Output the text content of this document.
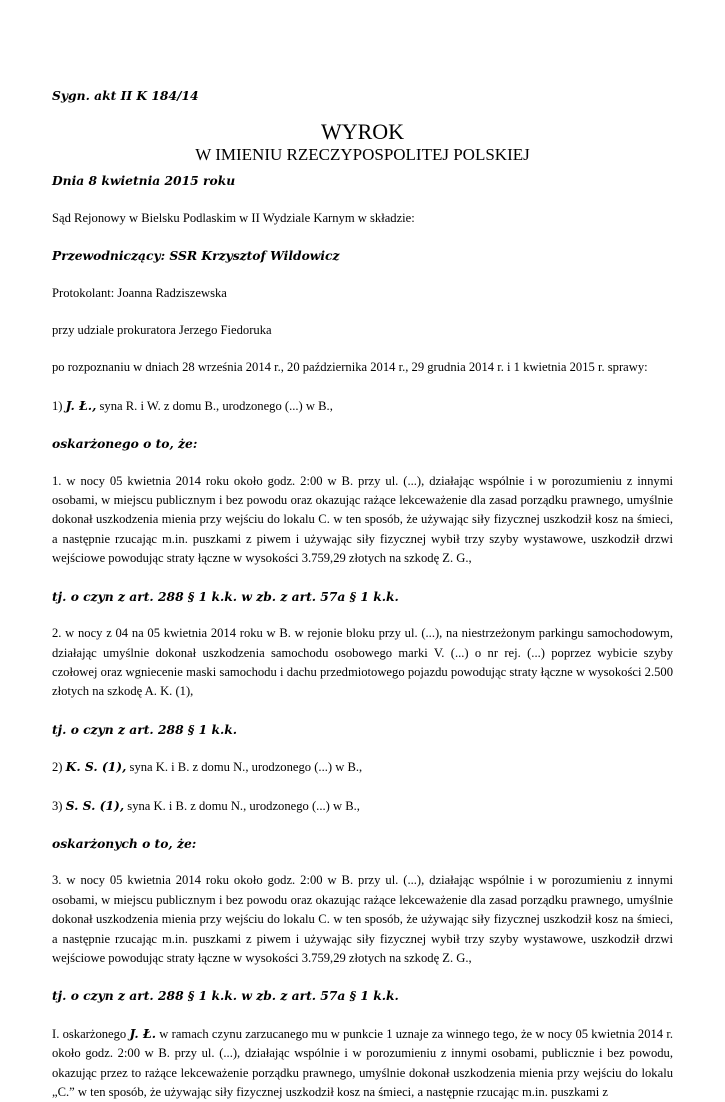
Sygn. akt II K 184/14

WYROK

W IMIENIU RZECZYPOSPOLITEJ POLSKIEJ

Dnia 8 kwietnia 2015 roku

Sąd Rejonowy w Bielsku Podlaskim w II Wydziale Karnym w składzie:

Przewodniczący: SSR Krzysztof Wildowicz

Protokolant: Joanna Radziszewska

przy udziale prokuratora Jerzego Fiedoruka

po rozpoznaniu w dniach 28 września 2014 r., 20 października 2014 r., 29 grudnia 2014 r. i 1 kwietnia 2015 r. sprawy:

1) J. Ł., syna R. i W. z domu B., urodzonego (...) w B.,

oskarżonego o to, że:

1. w nocy 05 kwietnia 2014 roku około godz. 2:00 w B. przy ul. (...), działając wspólnie i w porozumieniu z innymi osobami, w miejscu publicznym i bez powodu oraz okazując rażące lekceważenie dla zasad porządku prawnego, umyślnie dokonał uszkodzenia mienia przy wejściu do lokalu C. w ten sposób, że używając siły fizycznej uszkodził kosz na śmieci, a następnie rzucając m.in. puszkami z piwem i używając siły fizycznej wybił trzy szyby wystawowe, uszkodził drzwi wejściowe powodując straty łączne w wysokości 3.759,29 złotych na szkodę Z. G.,

tj. o czyn z art. 288 § 1 k.k. w zb. z art. 57a § 1 k.k.

2. w nocy z 04 na 05 kwietnia 2014 roku w B. w rejonie bloku przy ul. (...), na niestrzeżonym parkingu samochodowym, działając umyślnie dokonał uszkodzenia samochodu osobowego marki V. (...) o nr rej. (...) poprzez wybicie szyby czołowej oraz wgniecenie maski samochodu i dachu przedmiotowego pojazdu powodując straty łączne w wysokości 2.500 złotych na szkodę A. K. (1),

tj. o czyn z art. 288 § 1 k.k.

2) K. S. (1), syna K. i B. z domu N., urodzonego (...) w B.,

3) S. S. (1), syna K. i B. z domu N., urodzonego (...) w B.,

oskarżonych o to, że:

3. w nocy 05 kwietnia 2014 roku około godz. 2:00 w B. przy ul. (...), działając wspólnie i w porozumieniu z innymi osobami, w miejscu publicznym i bez powodu oraz okazując rażące lekceważenie dla zasad porządku prawnego, umyślnie dokonał uszkodzenia mienia przy wejściu do lokalu C. w ten sposób, że używając siły fizycznej uszkodził kosz na śmieci, a następnie rzucając m.in. puszkami z piwem i używając siły fizycznej wybił trzy szyby wystawowe, uszkodził drzwi wejściowe powodując straty łączne w wysokości 3.759,29 złotych na szkodę Z. G.,

tj. o czyn z art. 288 § 1 k.k. w zb. z art. 57a § 1 k.k.

I. oskarżonego J. Ł. w ramach czynu zarzucanego mu w punkcie 1 uznaje za winnego tego, że w nocy 05 kwietnia 2014 r. około godz. 2:00 w B. przy ul. (...), działając wspólnie i w porozumieniu z innymi osobami, publicznie i bez powodu, okazując przez to rażące lekceważenie porządku prawnego, umyślnie dokonał uszkodzenia mienia przy wejściu do lokalu „C.” w ten sposób, że używając siły fizycznej uszkodził kosz na śmieci, a następnie rzucając m.in. puszkami z
